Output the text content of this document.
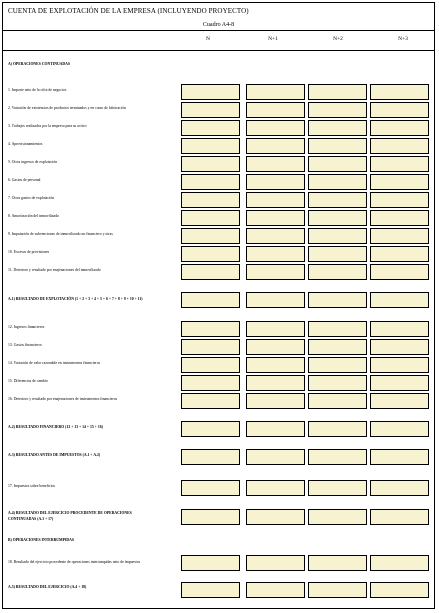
CUENTA DE EXPLOTACIÓN DE LA EMPRESA (INCLUYENDO PROYECTO)
Cuadro A4-8
N	N+1	N+2	N+3
A) OPERACIONES CONTINUADAS
1. Importe neto de la cifra de negocios
2. Variación de existencias de productos terminados y en curso de fabricación
3. Trabajos realizados por la empresa para su activo
4. Aprovisionamientos
5. Otros ingresos de explotación
6. Gastos de personal
7. Otros gastos de explotación
8. Amortización del inmovilizado
9. Imputación de subvenciones de inmovilizado no financiero y otras
10. Excesos de provisiones
11. Deterioro y resultado por enajenaciones del inmovilizado
A.1) RESULTADO DE EXPLOTACIÓN (1 + 2 + 3 + 4 + 5 + 6 + 7 + 8 + 9 + 10 + 11)
12. Ingresos financieros
13. Gastos financieros
14. Variación de valor razonable en instrumentos financieros
15. Diferencias de cambio
16. Deterioro y resultado por enajenaciones de instrumentos financieros
A.2) RESULTADO FINANCIERO (12 + 13 + 14 + 15 + 16)
A.3) RESULTADO ANTES DE IMPUESTOS (A.1 + A.2)
17. Impuestos sobre beneficios
A.4) RESULTADO DEL EJERCICIO PROCEDENTE DE OPERACIONES
CONTINUADAS (A.3 + 17)
B) OPERACIONES INTERRUMPIDAS
18. Resultado del ejercicio procedente de operaciones interrumpidas neto de impuestos
A.5) RESULTADO DEL EJERCICIO (A.4 + 18)
